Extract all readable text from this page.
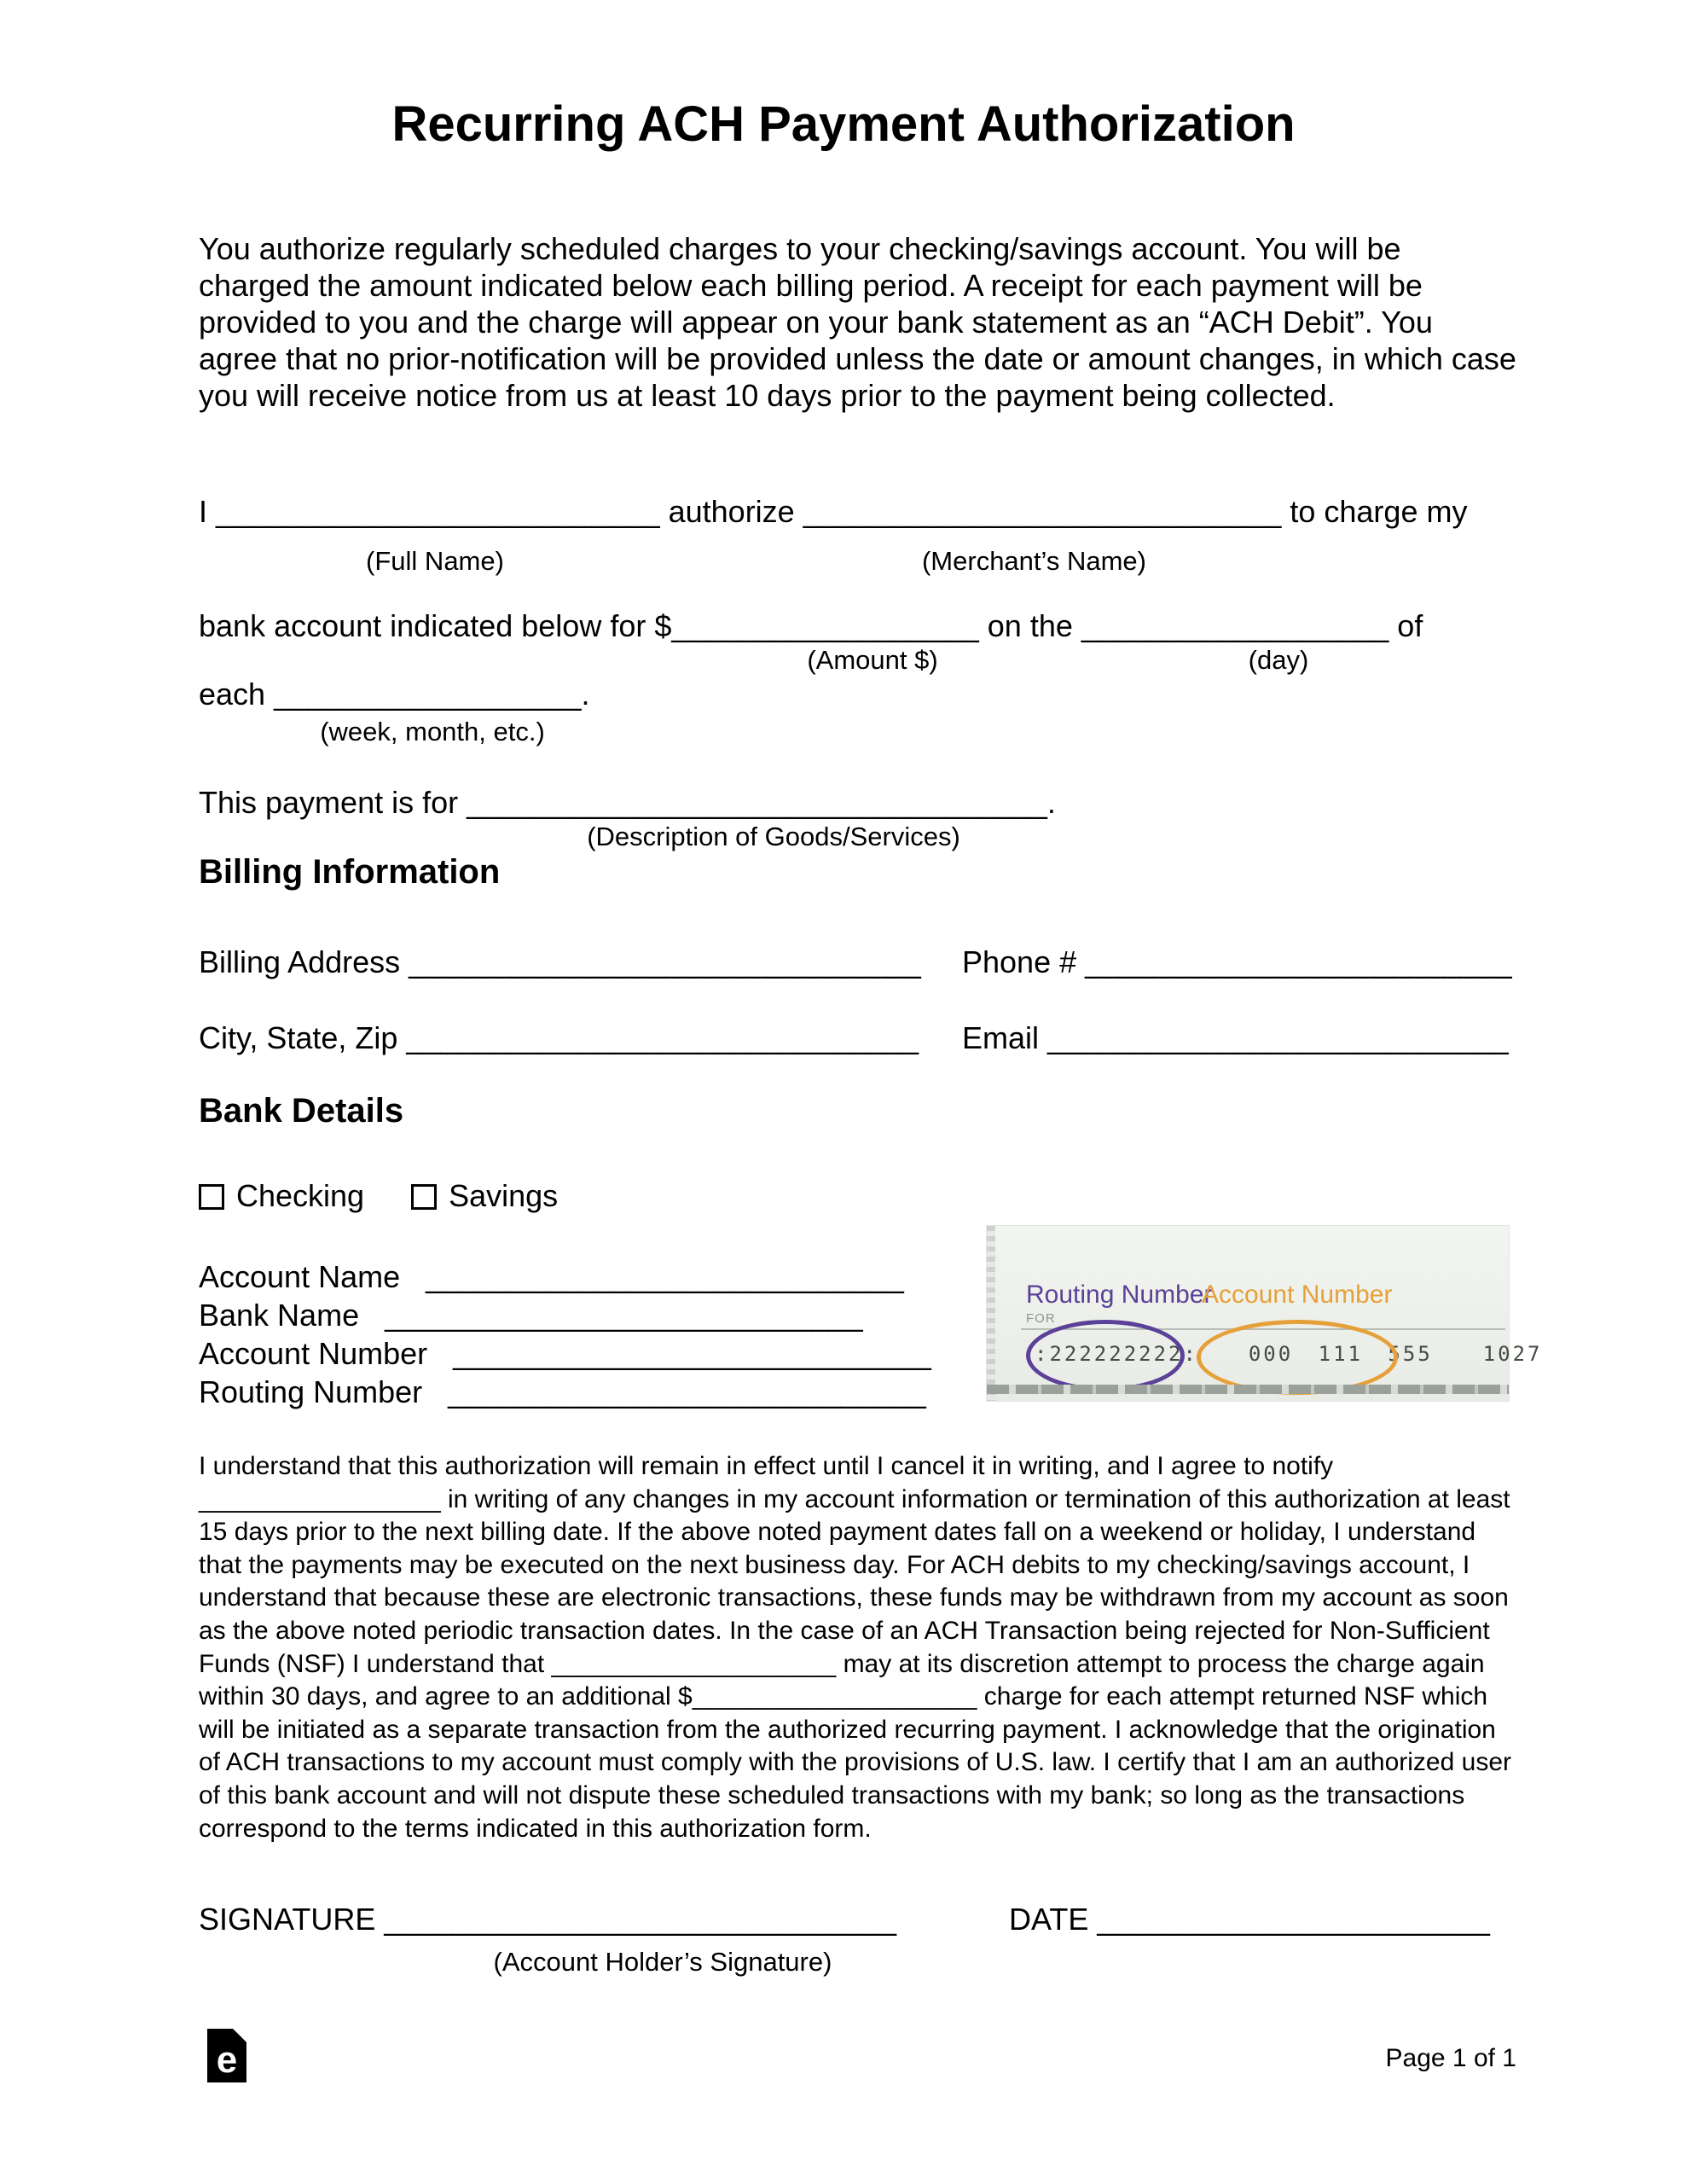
Recurring ACH Payment Authorization

You authorize regularly scheduled charges to your checking/savings account. You will be charged the amount indicated below each billing period. A receipt for each payment will be provided to you and the charge will appear on your bank statement as an “ACH Debit”. You agree that no prior-notification will be provided unless the date or amount changes, in which case you will receive notice from us at least 10 days prior to the payment being collected.

I __________________________ authorize ____________________________ to charge my
(Full Name)	(Merchant’s Name)
bank account indicated below for $__________________ on the __________________ of
(Amount $)	(day)
each __________________.
(week, month, etc.)
This payment is for __________________________________.
(Description of Goods/Services)
Billing Information
Billing Address ______________________________ Phone # _________________________
City, State, Zip ______________________________ Email ___________________________
Bank Details
Checking	Savings
Account Name ____________________________
Bank Name ____________________________
Account Number ____________________________
Routing Number ____________________________
Routing Number
Account Number
FOR
:222222222:  000 111 555  1027

I understand that this authorization will remain in effect until I cancel it in writing, and I agree to notify _________________ in writing of any changes in my account information or termination of this authorization at least 15 days prior to the next billing date. If the above noted payment dates fall on a weekend or holiday, I understand that the payments may be executed on the next business day. For ACH debits to my checking/savings account, I understand that because these are electronic transactions, these funds may be withdrawn from my account as soon as the above noted periodic transaction dates. In the case of an ACH Transaction being rejected for Non-Sufficient Funds (NSF) I understand that ____________________ may at its discretion attempt to process the charge again within 30 days, and agree to an additional $____________________ charge for each attempt returned NSF which will be initiated as a separate transaction from the authorized recurring payment. I acknowledge that the origination of ACH transactions to my account must comply with the provisions of U.S. law. I certify that I am an authorized user of this bank account and will not dispute these scheduled transactions with my bank; so long as the transactions correspond to the terms indicated in this authorization form.

SIGNATURE ______________________________	DATE _______________________
(Account Holder’s Signature)
e	Page 1 of 1
